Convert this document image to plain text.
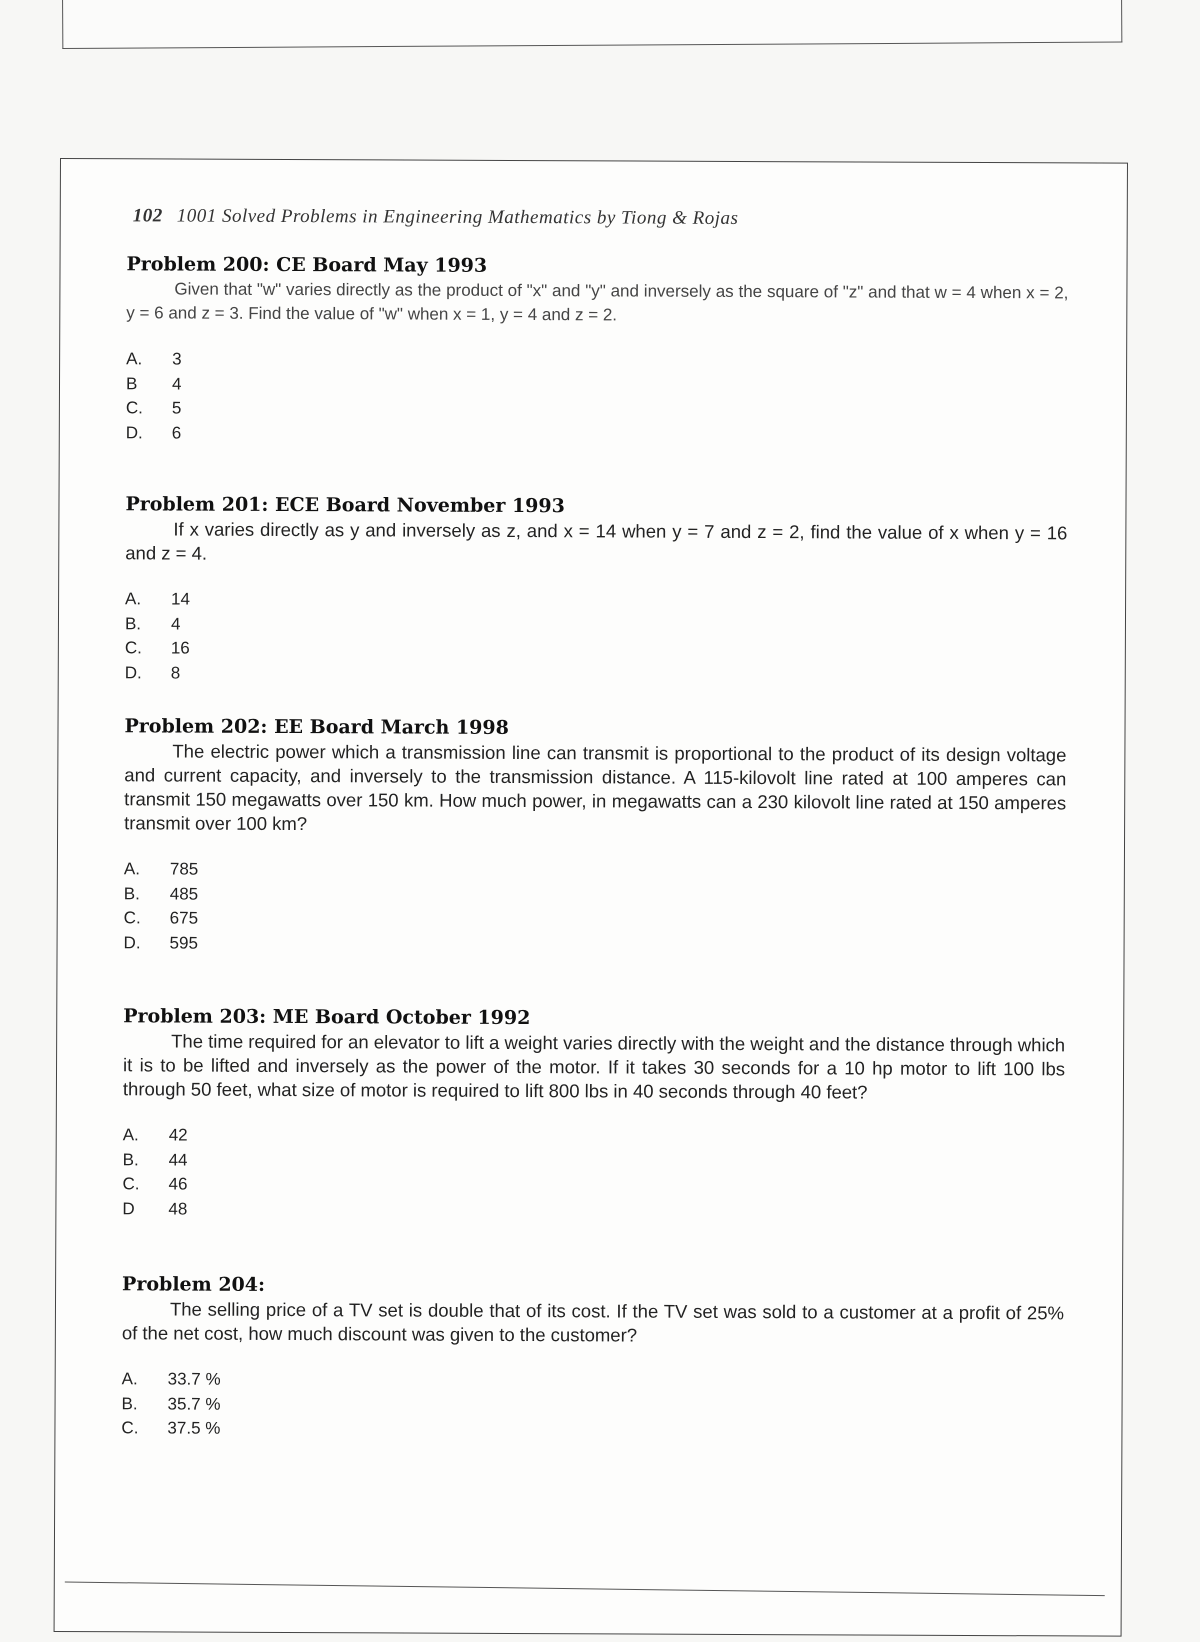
102 1001 Solved Problems in Engineering Mathematics by Tiong & Rojas
Problem 200: CE Board May 1993

Given that "w" varies directly as the product of "x" and "y" and inversely as the square of "z" and that w = 4 when x = 2, y = 6 and z = 3. Find the value of "w" when x = 1, y = 4 and z = 2.

A.	3
B	4
C.	5
D.	6
Problem 201: ECE Board November 1993

If x varies directly as y and inversely as z, and x = 14 when y = 7 and z = 2, find the value of x when y = 16 and z = 4.

A.	14
B.	4
C.	16
D.	8
Problem 202: EE Board March 1998

The electric power which a transmission line can transmit is proportional to the product of its design voltage and current capacity, and inversely to the transmission distance. A 115-kilovolt line rated at 100 amperes can transmit 150 megawatts over 150 km. How much power, in megawatts can a 230 kilovolt line rated at 150 amperes transmit over 100 km?

A.	785
B.	485
C.	675
D.	595
Problem 203: ME Board October 1992

The time required for an elevator to lift a weight varies directly with the weight and the distance through which it is to be lifted and inversely as the power of the motor. If it takes 30 seconds for a 10 hp motor to lift 100 lbs through 50 feet, what size of motor is required to lift 800 lbs in 40 seconds through 40 feet?

A.	42
B.	44
C.	46
D	48
Problem 204:

The selling price of a TV set is double that of its cost. If the TV set was sold to a customer at a profit of 25% of the net cost, how much discount was given to the customer?

A.	33.7 %
B.	35.7 %
C.	37.5 %
